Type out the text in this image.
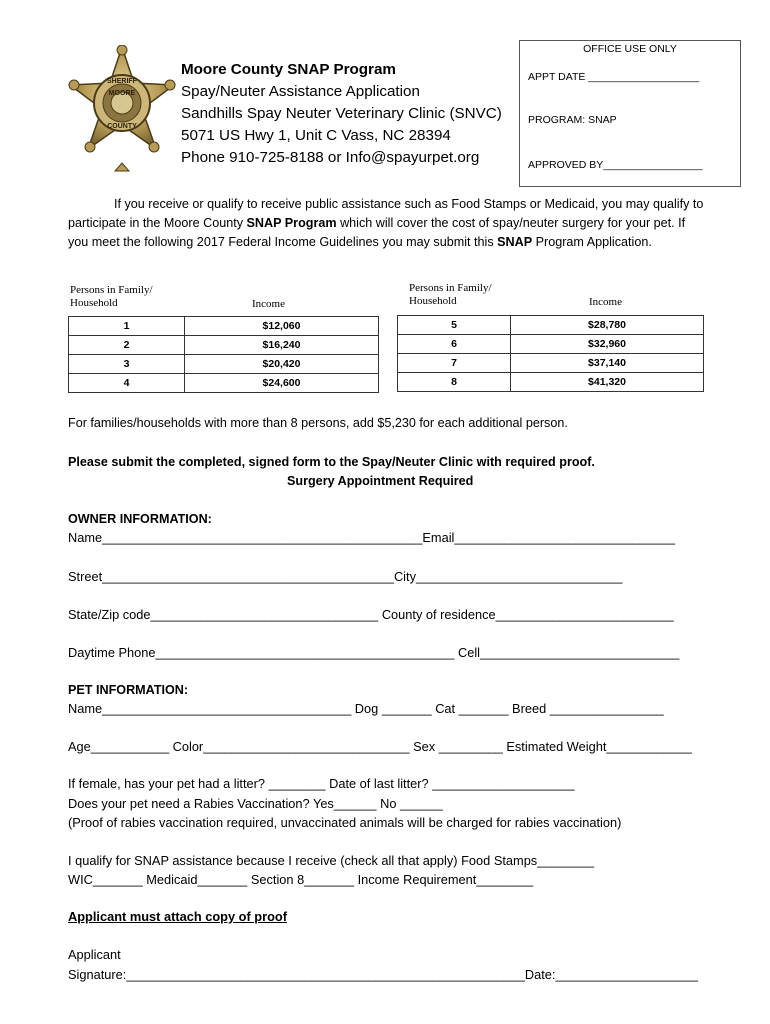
SHERIFF
MOORE
COUNTY
Moore County SNAP Program
Spay/Neuter Assistance Application
Sandhills Spay Neuter Veterinary Clinic (SNVC)
5071 US Hwy 1, Unit C Vass, NC 28394
Phone 910-725-8188 or Info@spayurpet.org
OFFICE USE ONLY
APPT DATE ___________________
PROGRAM: SNAP
APPROVED BY_________________
If you receive or qualify to receive public assistance such as Food Stamps or Medicaid, you may qualify to participate in the Moore County SNAP Program which will cover the cost of spay/neuter surgery for your pet. If you meet the following 2017 Federal Income Guidelines you may submit this SNAP Program Application.
Persons in Family/
Household	Income
1	$12,060
2	$16,240
3	$20,420
4	$24,600
Persons in Family/
Household	Income
5	$28,780
6	$32,960
7	$37,140
8	$41,320
For families/households with more than 8 persons, add $5,230 for each additional person.
Please submit the completed, signed form to the Spay/Neuter Clinic with required proof.
Surgery Appointment Required
OWNER INFORMATION:
Name_____________________________________________Email_______________________________
Street_________________________________________City_____________________________
State/Zip code________________________________ County of residence_________________________
Daytime Phone__________________________________________ Cell____________________________
PET INFORMATION:
Name___________________________________ Dog _______ Cat _______ Breed ________________
Age___________ Color_____________________________ Sex _________ Estimated Weight____________
If female, has your pet had a litter? ________ Date of last litter? ____________________
Does your pet need a Rabies Vaccination? Yes______ No ______
(Proof of rabies vaccination required, unvaccinated animals will be charged for rabies vaccination)
I qualify for SNAP assistance because I receive (check all that apply) Food Stamps________
WIC_______ Medicaid_______ Section 8_______ Income Requirement________
Applicant must attach copy of proof
Applicant
Signature:________________________________________________________Date:____________________
